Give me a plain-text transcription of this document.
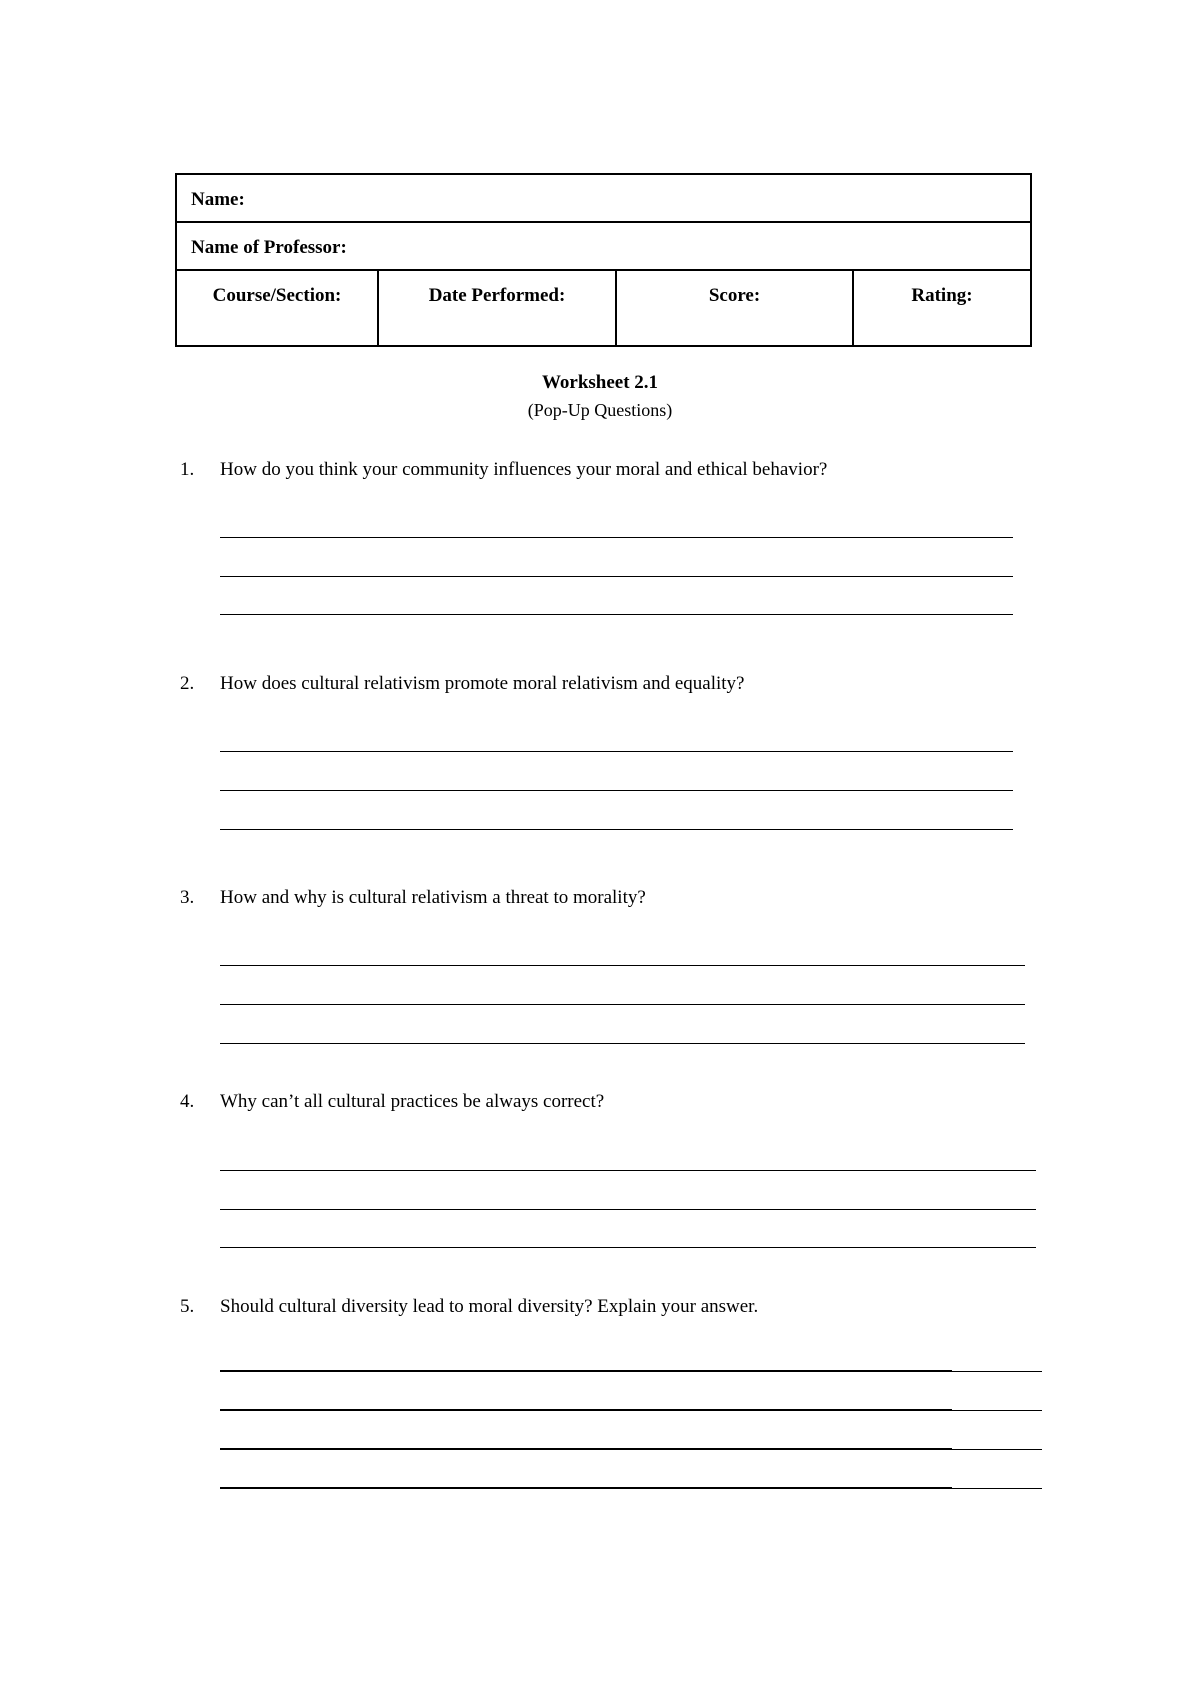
Name:
Name of Professor:
Course/Section:	Date Performed:	Score:	Rating:
Worksheet 2.1
(Pop-Up Questions)
1.	How do you think your community influences your moral and ethical behavior?
2.	How does cultural relativism promote moral relativism and equality?
3.	How and why is cultural relativism a threat to morality?
4.	Why can’t all cultural practices be always correct?
5.	Should cultural diversity lead to moral diversity? Explain your answer.
